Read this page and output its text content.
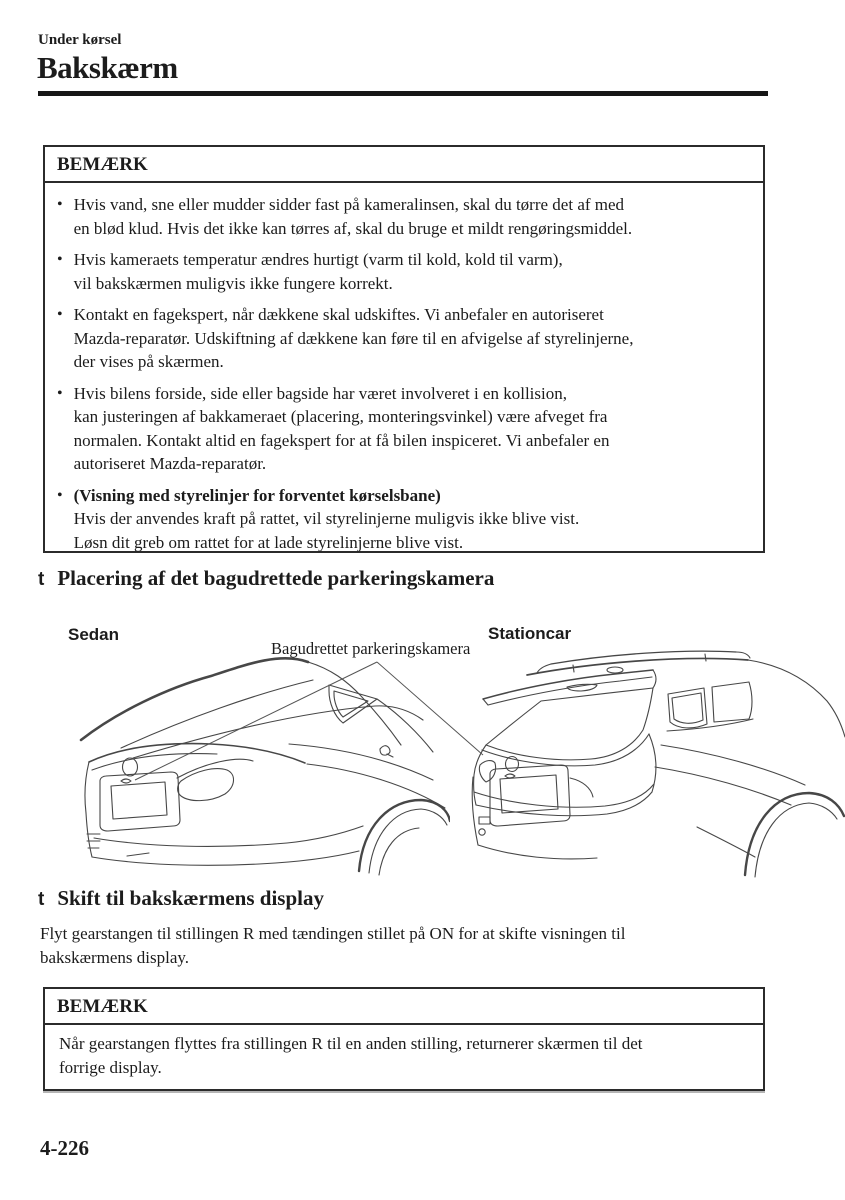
Under kørsel
Bakskærm
BEMÆRK
• Hvis vand, sne eller mudder sidder fast på kameralinsen, skal du tørre det af med
en blød klud. Hvis det ikke kan tørres af, skal du bruge et mildt rengøringsmiddel.
• Hvis kameraets temperatur ændres hurtigt (varm til kold, kold til varm),
vil bakskærmen muligvis ikke fungere korrekt.
• Kontakt en fagekspert, når dækkene skal udskiftes. Vi anbefaler en autoriseret
Mazda-reparatør. Udskiftning af dækkene kan føre til en afvigelse af styrelinjerne,
der vises på skærmen.
• Hvis bilens forside, side eller bagside har været involveret i en kollision,
kan justeringen af bakkameraet (placering, monteringsvinkel) være afveget fra
normalen. Kontakt altid en fagekspert for at få bilen inspiceret. Vi anbefaler en
autoriseret Mazda-reparatør.
• (Visning med styrelinjer for forventet kørselsbane)
Hvis der anvendes kraft på rattet, vil styrelinjerne muligvis ikke blive vist.
Løsn dit greb om rattet for at lade styrelinjerne blive vist.
t Placering af det bagudrettede parkeringskamera
Sedan	Stationcar
Bagudrettet parkeringskamera
t Skift til bakskærmens display
Flyt gearstangen til stillingen R med tændingen stillet på ON for at skifte visningen til
bakskærmens display.
BEMÆRK
Når gearstangen flyttes fra stillingen R til en anden stilling, returnerer skærmen til det
forrige display.
4-226
